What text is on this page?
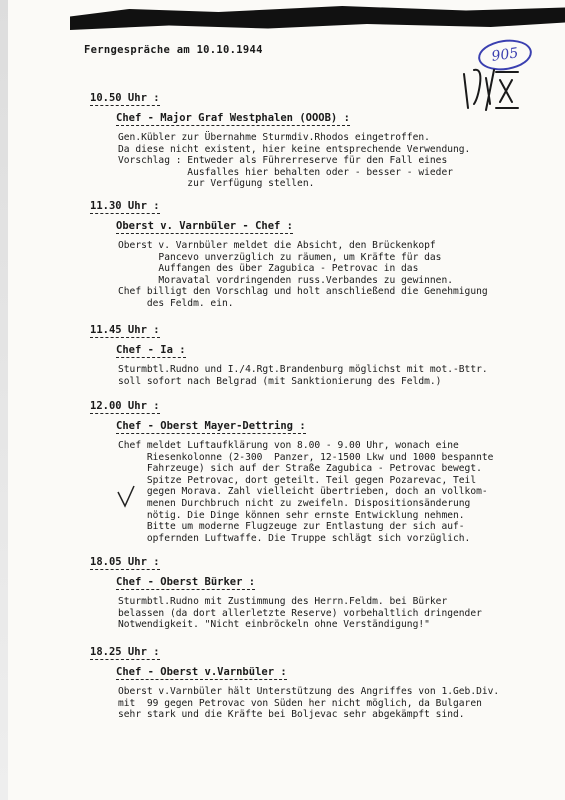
Ferngespräche am 10.10.1944	905
10.50 Uhr :
Chef - Major Graf Westphalen (OOOB) :
Gen.Kübler zur Übernahme Sturmdiv.Rhodos eingetroffen.
Da diese nicht existent, hier keine entsprechende Verwendung.
Vorschlag : Entweder als Führerreserve für den Fall eines
Ausfalles hier behalten oder - besser - wieder
zur Verfügung stellen.
11.30 Uhr :
Oberst v. Varnbüler - Chef :
Oberst v. Varnbüler meldet die Absicht, den Brückenkopf
Pancevo unverzüglich zu räumen, um Kräfte für das
Auffangen des über Zagubica - Petrovac in das
Moravatal vordringenden russ.Verbandes zu gewinnen.
Chef billigt den Vorschlag und holt anschließend die Genehmigung
des Feldm. ein.
11.45 Uhr :
Chef - Ia :
Sturmbtl.Rudno und I./4.Rgt.Brandenburg möglichst mit mot.-Bttr.
soll sofort nach Belgrad (mit Sanktionierung des Feldm.)
12.00 Uhr :
Chef - Oberst Mayer-Dettring :
Chef meldet Luftaufklärung von 8.00 - 9.00 Uhr, wonach eine
Riesenkolonne (2-300  Panzer, 12-1500 Lkw und 1000 bespannte
Fahrzeuge) sich auf der Straße Zagubica - Petrovac bewegt.
Spitze Petrovac, dort geteilt. Teil gegen Pozarevac, Teil
gegen Morava. Zahl vielleicht übertrieben, doch an vollkom-
menen Durchbruch nicht zu zweifeln. Dispositionsänderung
nötig. Die Dinge können sehr ernste Entwicklung nehmen.
Bitte um moderne Flugzeuge zur Entlastung der sich auf-
opfernden Luftwaffe. Die Truppe schlägt sich vorzüglich.
18.05 Uhr :
Chef - Oberst Bürker :
Sturmbtl.Rudno mit Zustimmung des Herrn.Feldm. bei Bürker
belassen (da dort allerletzte Reserve) vorbehaltlich dringender
Notwendigkeit. "Nicht einbröckeln ohne Verständigung!"
18.25 Uhr :
Chef - Oberst v.Varnbüler :
Oberst v.Varnbüler hält Unterstützung des Angriffes von 1.Geb.Div.
mit  99 gegen Petrovac von Süden her nicht möglich, da Bulgaren
sehr stark und die Kräfte bei Boljevac sehr abgekämpft sind.
